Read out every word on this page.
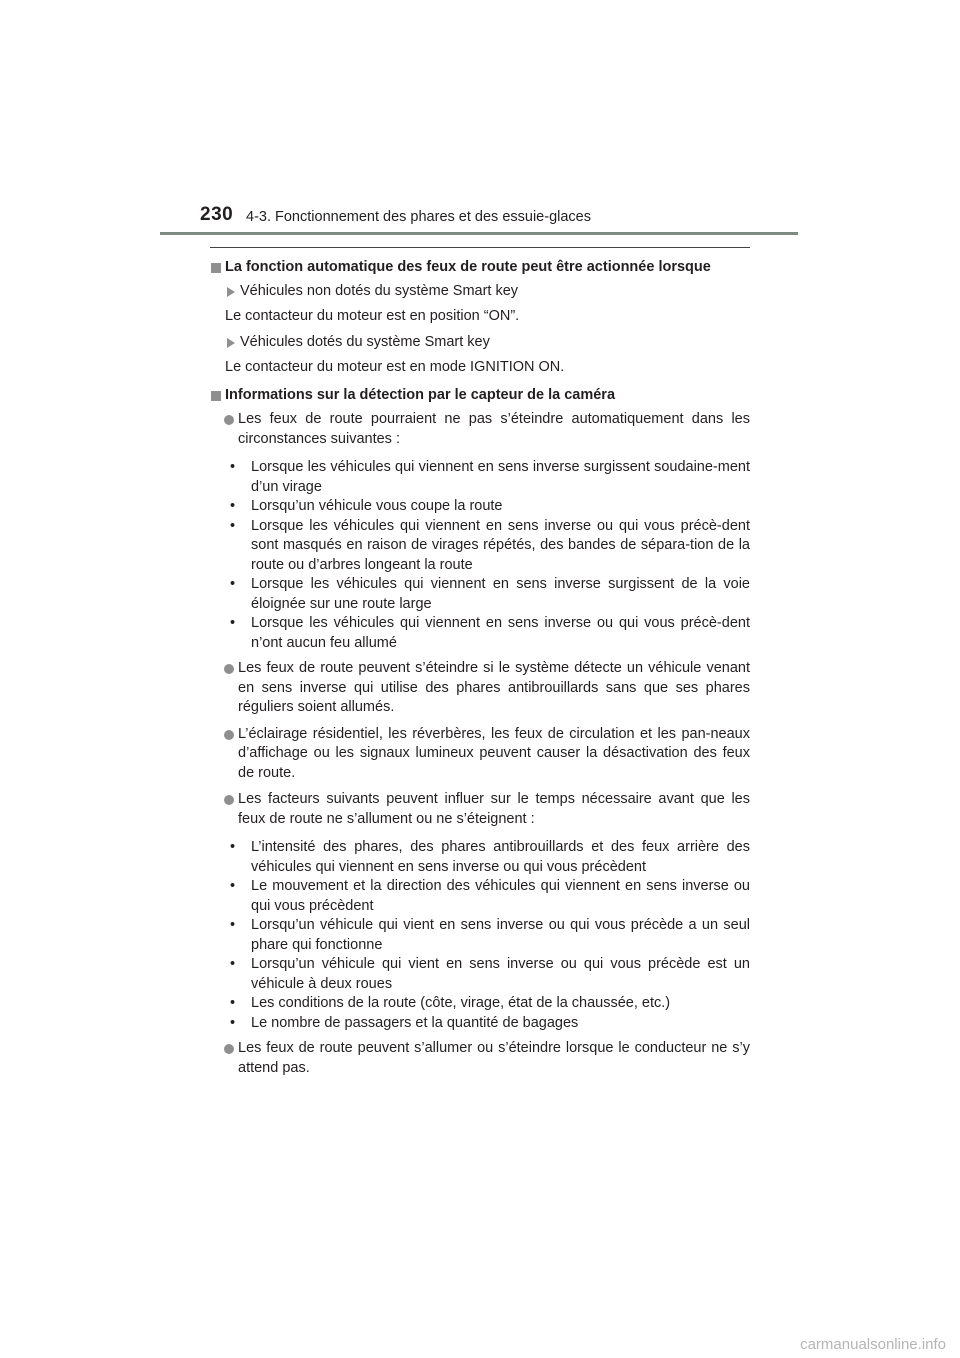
230 4-3. Fonctionnement des phares et des essuie-glaces
La fonction automatique des feux de route peut être actionnée lorsque
Véhicules non dotés du système Smart key
Le contacteur du moteur est en position “ON”.
Véhicules dotés du système Smart key
Le contacteur du moteur est en mode IGNITION ON.
Informations sur la détection par le capteur de la caméra
Les feux de route pourraient ne pas s’éteindre automatiquement dans les circonstances suivantes :
• Lorsque les véhicules qui viennent en sens inverse surgissent soudaine-ment d’un virage
• Lorsqu’un véhicule vous coupe la route
• Lorsque les véhicules qui viennent en sens inverse ou qui vous précè-dent sont masqués en raison de virages répétés, des bandes de sépara-tion de la route ou d’arbres longeant la route
• Lorsque les véhicules qui viennent en sens inverse surgissent de la voie éloignée sur une route large
• Lorsque les véhicules qui viennent en sens inverse ou qui vous précè-dent n’ont aucun feu allumé
Les feux de route peuvent s’éteindre si le système détecte un véhicule venant en sens inverse qui utilise des phares antibrouillards sans que ses phares réguliers soient allumés.
L’éclairage résidentiel, les réverbères, les feux de circulation et les pan-neaux d’affichage ou les signaux lumineux peuvent causer la désactivation des feux de route.
Les facteurs suivants peuvent influer sur le temps nécessaire avant que les feux de route ne s’allument ou ne s’éteignent :
• L’intensité des phares, des phares antibrouillards et des feux arrière des véhicules qui viennent en sens inverse ou qui vous précèdent
• Le mouvement et la direction des véhicules qui viennent en sens inverse ou qui vous précèdent
• Lorsqu’un véhicule qui vient en sens inverse ou qui vous précède a un seul phare qui fonctionne
• Lorsqu’un véhicule qui vient en sens inverse ou qui vous précède est un véhicule à deux roues
• Les conditions de la route (côte, virage, état de la chaussée, etc.)
• Le nombre de passagers et la quantité de bagages
Les feux de route peuvent s’allumer ou s’éteindre lorsque le conducteur ne s’y attend pas.
carmanualsonline.info
